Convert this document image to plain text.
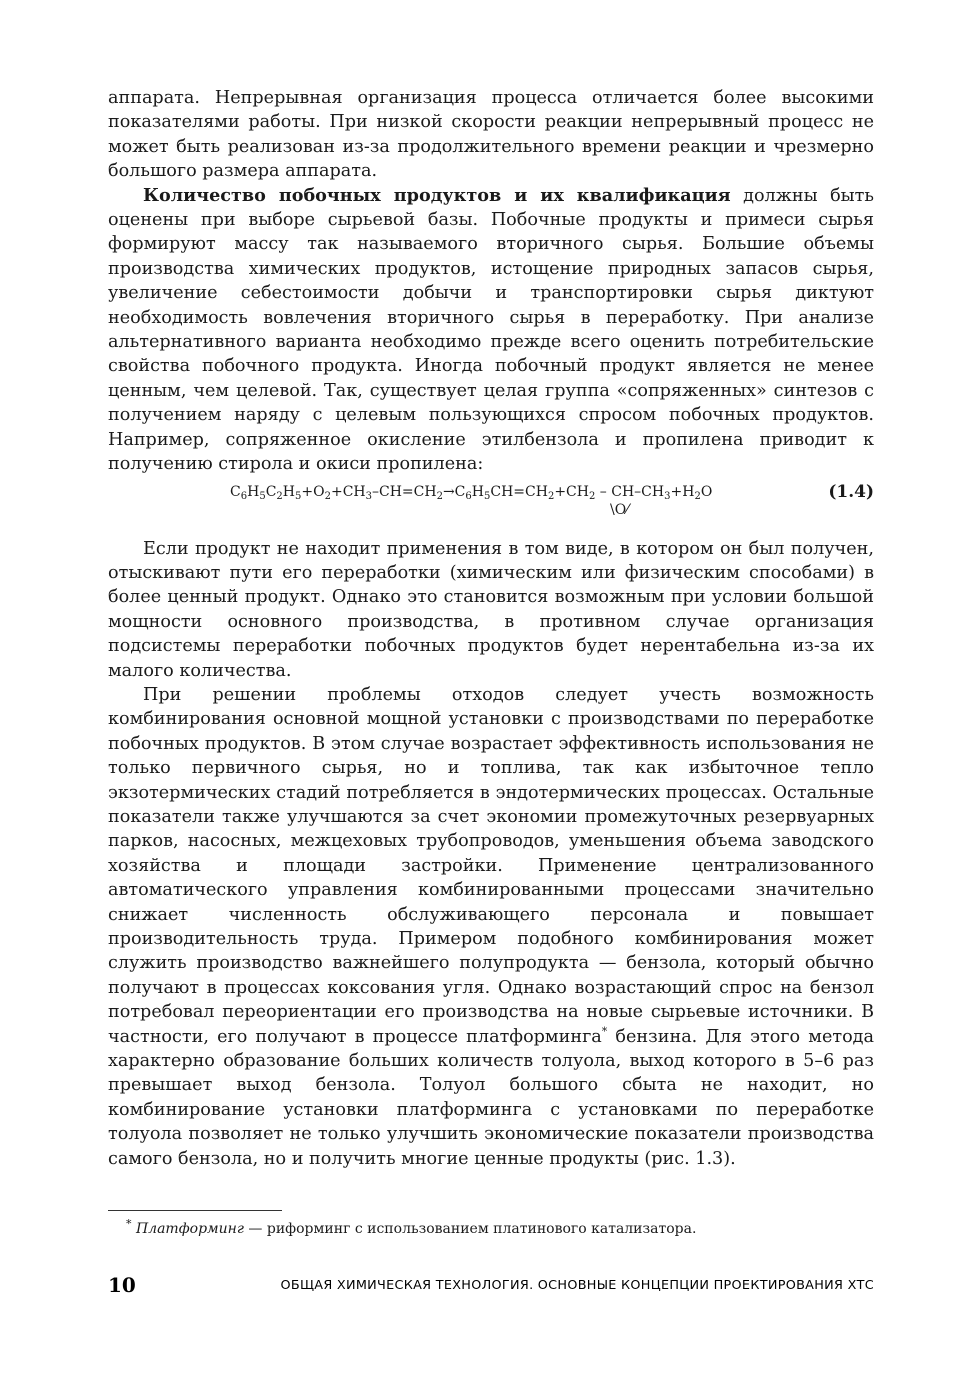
аппарата. Непрерывная организация процесса отличается более высокими показателями работы. При низкой скорости реакции непрерывный процесс не может быть реализован из-за продолжительного времени реакции и чрезмерно большого размера аппарата.

Количество побочных продуктов и их квалификация должны быть оценены при выборе сырьевой базы. Побочные продукты и примеси сырья формируют массу так называемого вторичного сырья. Большие объемы производства химических продуктов, истощение природных запасов сырья, увеличение себестоимости добычи и транспортировки сырья диктуют необходимость вовлечения вторичного сырья в переработку. При анализе альтернативного варианта необходимо прежде всего оценить потребительские свойства побочного продукта. Иногда побочный продукт является не менее ценным, чем целевой. Так, существует целая группа «сопряженных» синтезов с получением наряду с целевым пользующихся спросом побочных продуктов. Например, сопряженное окисление этилбензола и пропилена приводит к получению стирола и окиси пропилена:

$C_6H_5C_2H_5+O_2+CH_3-CH=CH_2\to C_6H_5CH=CH_2+CH_2 - CH-CH_3+H_2O$
\O⁄
(1.4)

Если продукт не находит применения в том виде, в котором он был получен, отыскивают пути его переработки (химическим или физическим способами) в более ценный продукт. Однако это становится возможным при условии большой мощности основного производства, в противном случае организация подсистемы переработки побочных продуктов будет нерентабельна из-за их малого количества.

При решении проблемы отходов следует учесть возможность комбинирования основной мощной установки с производствами по переработке побочных продуктов. В этом случае возрастает эффективность использования не только первичного сырья, но и топлива, так как избыточное тепло экзотермических стадий потребляется в эндотермических процессах. Остальные показатели также улучшаются за счет экономии промежуточных резервуарных парков, насосных, межцеховых трубопроводов, уменьшения объема заводского хозяйства и площади застройки. Применение централизованного автоматического управления комбинированными процессами значительно снижает численность обслуживающего персонала и повышает производительность труда. Примером подобного комбинирования может служить производство важнейшего полупродукта — бензола, который обычно получают в процессах коксования угля. Однако возрастающий спрос на бензол потребовал переориентации его производства на новые сырьевые источники. В частности, его получают в процессе платформинга* бензина. Для этого метода характерно образование больших количеств толуола, выход которого в 5–6 раз превышает выход бензола. Толуол большого сбыта не находит, но комбинирование установки платформинга с установками по переработке толуола позволяет не только улучшить экономические показатели производства самого бензола, но и получить многие ценные продукты (рис. 1.3).

* Платформинг — риформинг с использованием платинового катализатора.
10	ОБЩАЯ ХИМИЧЕСКАЯ ТЕХНОЛОГИЯ. ОСНОВНЫЕ КОНЦЕПЦИИ ПРОЕКТИРОВАНИЯ ХТС
